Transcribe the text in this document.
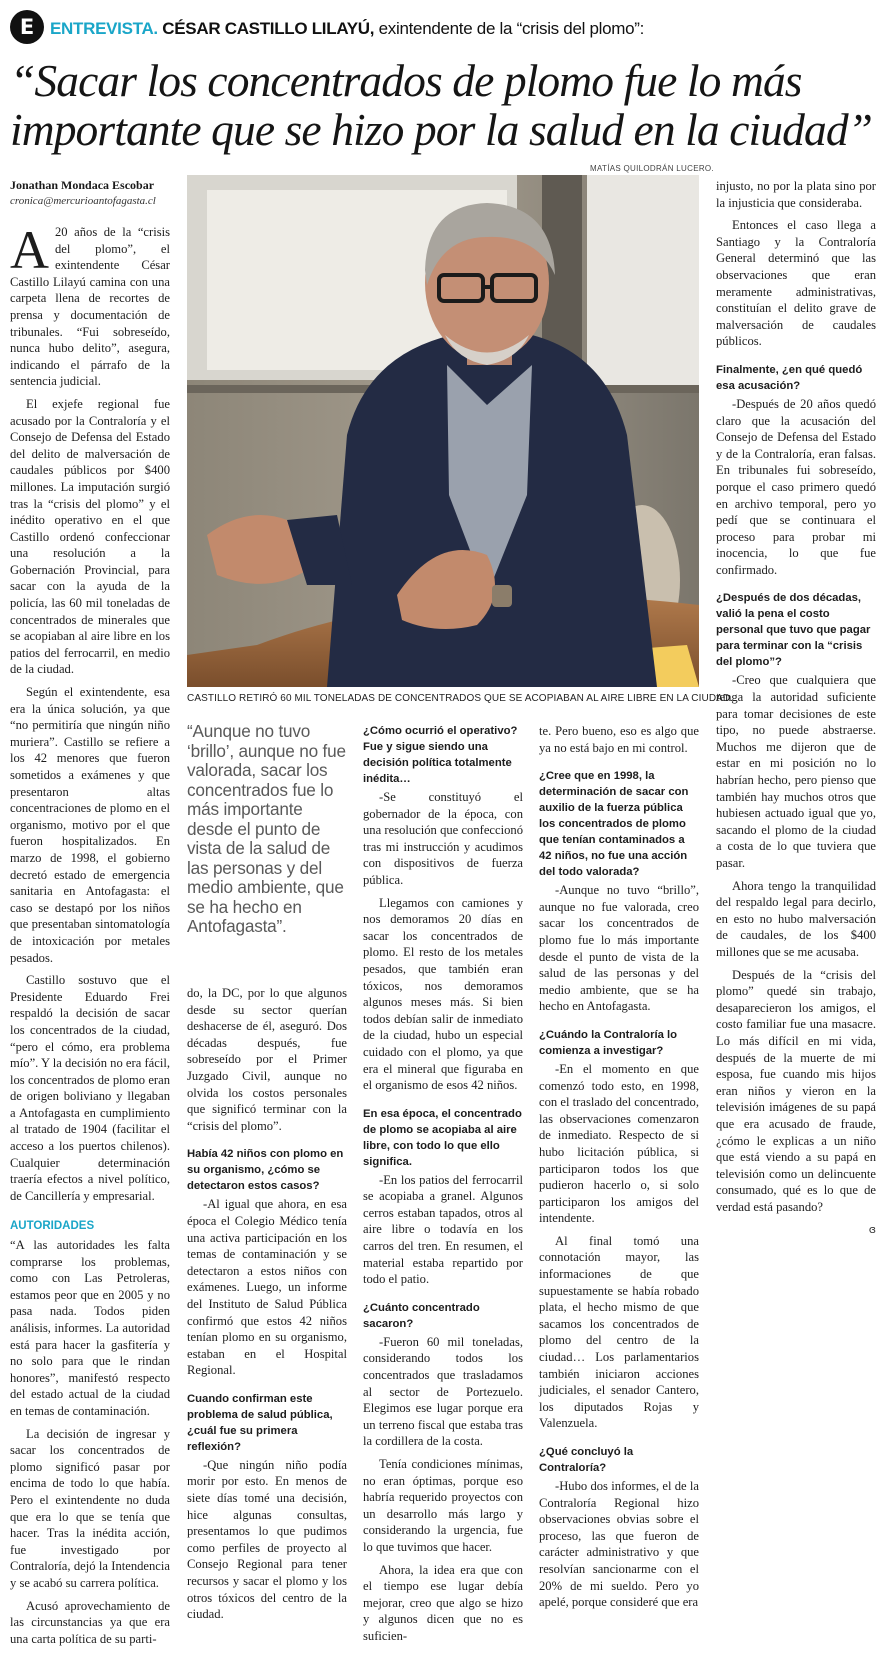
E ENTREVISTA. CÉSAR CASTILLO LILAYÚ, exintendente de la “crisis del plomo”:
“Sacar los concentrados de plomo fue lo más
importante que se hizo por la salud en la ciudad”
MATÍAS QUILODRÁN LUCERO.
Jonathan Mondaca Escobar
cronica@mercurioantofagasta.cl
CASTILLO RETIRÓ 60 MIL TONELADAS DE CONCENTRADOS QUE SE ACOPIABAN AL AIRE LIBRE EN LA CIUDAD.
“Aunque no tuvo ‘brillo’, aunque no fue valorada, sacar los concentrados fue lo más importante desde el punto de vista de la salud de las personas y del medio ambiente, que se ha hecho en Antofagasta”.

A 20 años de la “crisis del plomo”, el exintendente César Castillo Lilayú camina con una carpeta llena de recortes de prensa y documentación de tribunales. “Fui sobreseído, nunca hubo delito”, asegura, indicando el párrafo de la sentencia judicial.

El exjefe regional fue acusado por la Contraloría y el Consejo de Defensa del Estado del delito de malversación de caudales públicos por $400 millones. La imputación surgió tras la “crisis del plomo” y el inédito operativo en el que Castillo ordenó confeccionar una resolución a la Gobernación Provincial, para sacar con la ayuda de la policía, las 60 mil toneladas de concentrados de minerales que se acopiaban al aire libre en los patios del ferrocarril, en medio de la ciudad.

Según el exintendente, esa era la única solución, ya que “no permitiría que ningún niño muriera”. Castillo se refiere a los 42 menores que fueron sometidos a exámenes y que presentaron altas concentraciones de plomo en el organismo, motivo por el que fueron hospitalizados. En marzo de 1998, el gobierno decretó estado de emergencia sanitaria en Antofagasta: el caso se destapó por los niños que presentaban sintomatología de intoxicación por metales pesados.

Castillo sostuvo que el Presidente Eduardo Frei respaldó la decisión de sacar los concentrados de la ciudad, “pero el cómo, era problema mío”. Y la decisión no era fácil, los concentrados de plomo eran de origen boliviano y llegaban a Antofagasta en cumplimiento al tratado de 1904 (facilitar el acceso a los puertos chilenos). Cualquier determinación traería efectos a nivel político, de Cancillería y empresarial.

AUTORIDADES

“A las autoridades les falta comprarse los problemas, como con Las Petroleras, estamos peor que en 2005 y no pasa nada. Todos piden análisis, informes. La autoridad está para hacer la gasfitería y no solo para que le rindan honores”, manifestó respecto del estado actual de la ciudad en temas de contaminación.

La decisión de ingresar y sacar los concentrados de plomo significó pasar por encima de todo lo que había. Pero el exintendente no duda que era lo que se tenía que hacer. Tras la inédita acción, fue investigado por Contraloría, dejó la Intendencia y se acabó su carrera política.

Acusó aprovechamiento de las circunstancias ya que era una carta política de su parti-

do, la DC, por lo que algunos desde su sector querían deshacerse de él, aseguró. Dos décadas después, fue sobreseído por el Primer Juzgado Civil, aunque no olvida los costos personales que significó terminar con la “crisis del plomo”.

Había 42 niños con plomo en su organismo, ¿cómo se detectaron estos casos?

-Al igual que ahora, en esa época el Colegio Médico tenía una activa participación en los temas de contaminación y se detectaron a estos niños con exámenes. Luego, un informe del Instituto de Salud Pública confirmó que estos 42 niños tenían plomo en su organismo, estaban en el Hospital Regional.

Cuando confirman este problema de salud pública, ¿cuál fue su primera reflexión?

-Que ningún niño podía morir por esto. En menos de siete días tomé una decisión, hice algunas consultas, presentamos lo que pudimos como perfiles de proyecto al Consejo Regional para tener recursos y sacar el plomo y los otros tóxicos del centro de la ciudad.

¿Cómo ocurrió el operativo? Fue y sigue siendo una decisión política totalmente inédita…

-Se constituyó el gobernador de la época, con una resolución que confeccionó tras mi instrucción y acudimos con dispositivos de fuerza pública.

Llegamos con camiones y nos demoramos 20 días en sacar los concentrados de plomo. El resto de los metales pesados, que también eran tóxicos, nos demoramos algunos meses más. Si bien todos debían salir de inmediato de la ciudad, hubo un especial cuidado con el plomo, ya que era el mineral que figuraba en el organismo de esos 42 niños.

En esa época, el concentrado de plomo se acopiaba al aire libre, con todo lo que ello significa.

-En los patios del ferrocarril se acopiaba a granel. Algunos cerros estaban tapados, otros al aire libre o todavía en los carros del tren. En resumen, el material estaba repartido por todo el patio.

¿Cuánto concentrado sacaron?

-Fueron 60 mil toneladas, considerando todos los concentrados que trasladamos al sector de Portezuelo. Elegimos ese lugar porque era un terreno fiscal que estaba tras la cordillera de la costa.

Tenía condiciones mínimas, no eran óptimas, porque eso habría requerido proyectos con un desarrollo más largo y considerando la urgencia, fue lo que tuvimos que hacer.

Ahora, la idea era que con el tiempo ese lugar debía mejorar, creo que algo se hizo y algunos dicen que no es suficien-

te. Pero bueno, eso es algo que ya no está bajo en mi control.

¿Cree que en 1998, la determinación de sacar con auxilio de la fuerza pública los concentrados de plomo que tenían contaminados a 42 niños, no fue una acción del todo valorada?

-Aunque no tuvo “brillo”, aunque no fue valorada, creo sacar los concentrados de plomo fue lo más importante desde el punto de vista de la salud de las personas y del medio ambiente, que se ha hecho en Antofagasta.

¿Cuándo la Contraloría lo comienza a investigar?

-En el momento en que comenzó todo esto, en 1998, con el traslado del concentrado, las observaciones comenzaron de inmediato. Respecto de si hubo licitación pública, si participaron todos los que pudieron hacerlo o, si solo participaron los amigos del intendente.

Al final tomó una connotación mayor, las informaciones de que supuestamente se había robado plata, el hecho mismo de que sacamos los concentrados de plomo del centro de la ciudad… Los parlamentarios también iniciaron acciones judiciales, el senador Cantero, los diputados Rojas y Valenzuela.

¿Qué concluyó la Contraloría?

-Hubo dos informes, el de la Contraloría Regional hizo observaciones obvias sobre el proceso, las que fueron de carácter administrativo y que resolvían sancionarme con el 20% de mi sueldo. Pero yo apelé, porque consideré que era

injusto, no por la plata sino por la injusticia que consideraba.

Entonces el caso llega a Santiago y la Contraloría General determinó que las observaciones que eran meramente administrativas, constituían el delito grave de malversación de caudales públicos.

Finalmente, ¿en qué quedó esa acusación?

-Después de 20 años quedó claro que la acusación del Consejo de Defensa del Estado y de la Contraloría, eran falsas. En tribunales fui sobreseído, porque el caso primero quedó en archivo temporal, pero yo pedí que se continuara el proceso para probar mi inocencia, lo que fue confirmado.

¿Después de dos décadas, valió la pena el costo personal que tuvo que pagar para terminar con la “crisis del plomo”?

-Creo que cualquiera que tenga la autoridad suficiente para tomar decisiones de este tipo, no puede abstraerse. Muchos me dijeron que de estar en mi posición no lo habrían hecho, pero pienso que también hay muchos otros que hubiesen actuado igual que yo, sacando el plomo de la ciudad a costa de lo que tuviera que pasar.

Ahora tengo la tranquilidad del respaldo legal para decirlo, en esto no hubo malversación de caudales, de los $400 millones que se me acusaba.

Después de la “crisis del plomo” quedé sin trabajo, desaparecieron los amigos, el costo familiar fue una masacre. Lo más difícil en mi vida, después de la muerte de mi esposa, fue cuando mis hijos eran niños y vieron en la televisión imágenes de su papá que era acusado de fraude, ¿cómo le explicas a un niño que está viendo a su papá en televisión como un delincuente consumado, qué es lo que de verdad está pasando?

ɞ
